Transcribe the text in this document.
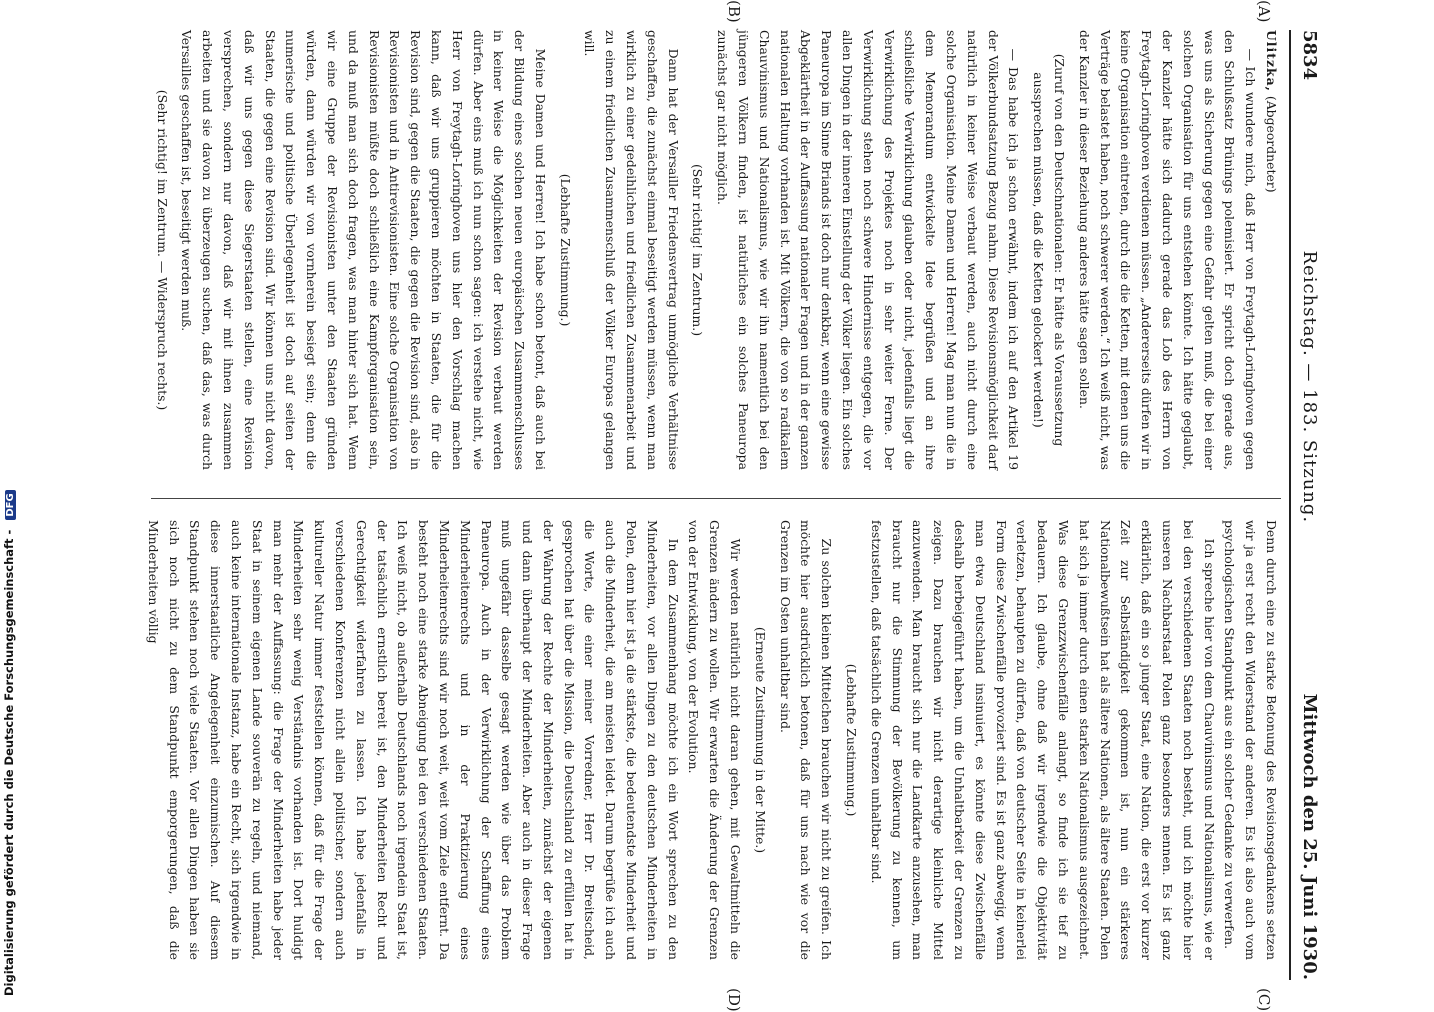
5834
Reichstag. — 183. Sitzung.
Mittwoch den 25. Juni 1930.
(A)
(B)
(C)
(D)

Ulitzka, (Abgeordneter)

— Ich wundere mich, daß Herr von Freytagh-Loringhoven gegen den Schlußsatz Brünings polemisiert. Er spricht doch gerade aus, was uns als Sicherung gegen eine Gefahr gelten muß, die bei einer solchen Organisation für uns entstehen könnte. Ich hätte geglaubt, der Kanzler hätte sich dadurch gerade das Lob des Herrn von Freytagh-Loringhoven verdienen müssen. „Andererseits dürfen wir in keine Organisation eintreten, durch die die Ketten, mit denen uns die Verträge belastet haben, noch schwerer werden.“ Ich weiß nicht, was der Kanzler in dieser Beziehung anderes hätte sagen sollen.

(Zuruf von den Deutschnationalen: Er hätte als Voraussetzung aussprechen müssen, daß die Ketten gelockert werden!)

— Das habe ich ja schon erwähnt, indem ich auf den Artikel 19 der Völkerbundsatzung Bezug nahm. Diese Revisionsmöglichkeit darf natürlich in keiner Weise verbaut werden, auch nicht durch eine solche Organisation. Meine Damen und Herren! Mag man nun die in dem Memorandum entwickelte Idee begrüßen und an ihre schließliche Verwirklichung glauben oder nicht, jedenfalls liegt die Verwirklichung des Projektes noch in sehr weiter Ferne. Der Verwirklichung stehen noch schwere Hindernisse entgegen, die vor allen Dingen in der inneren Einstellung der Völker liegen. Ein solches Paneuropa im Sinne Briands ist doch nur denkbar, wenn eine gewisse Abgeklärtheit in der Auffassung nationaler Fragen und in der ganzen nationalen Haltung vorhanden ist. Mit Völkern, die von so radikalem Chauvinismus und Nationalismus, wie wir ihn namentlich bei den jüngeren Völkern finden, ist natürliches ein solches Paneuropa zunächst gar nicht möglich.

(Sehr richtig! im Zentrum.)

Dann hat der Versailler Friedensvertrag unmögliche Verhältnisse geschaffen, die zunächst einmal beseitigt werden müssen, wenn man wirklich zu einer gedeihlichen und friedlichen Zusammenarbeit und zu einem friedlichen Zusammenschluß der Völker Europas gelangen will.

(Lebhafte Zustimmung.)

Meine Damen und Herren! Ich habe schon betont, daß auch bei der Bildung eines solchen neuen europäischen Zusammenschlusses in keiner Weise die Möglichkeiten der Revision verbaut werden dürfen. Aber eins muß ich nun schon sagen: ich verstehe nicht, wie Herr von Freytagh-Loringhoven uns hier den Vorschlag machen kann, daß wir uns gruppieren möchten in Staaten, die für die Revision sind, gegen die Staaten, die gegen die Revision sind, also in Revisionisten und in Antirevisionisten. Eine solche Organisation von Revisionisten müßte doch schließlich eine Kampforganisation sein, und da muß man sich doch fragen, was man hinter sich hat. Wenn wir eine Gruppe der Revisionisten unter den Staaten gründen würden, dann würden wir von vornherein besiegt sein; denn die numerische und politische Überlegenheit ist doch auf seiten der Staaten, die gegen eine Revision sind. Wir können uns nicht davon, daß wir uns gegen diese Siegerstaaten stellen, eine Revision versprechen, sondern nur davon, daß wir mit ihnen zusammen arbeiten und sie davon zu überzeugen suchen, daß das, was durch Versailles geschaffen ist, beseitigt werden muß.

(Sehr richtig! im Zentrum. — Widerspruch rechts.)

Denn durch eine zu starke Betonung des Revisionsgedankens setzen wir ja erst recht den Widerstand der anderen. Es ist also auch vom psychologischen Standpunkt aus ein solcher Gedanke zu verwerfen.

Ich spreche hier von dem Chauvinismus und Nationalismus, wie er bei den verschiedenen Staaten noch besteht, und ich möchte hier unseren Nachbarstaat Polen ganz besonders nennen. Es ist ganz erklärlich, daß ein so junger Staat, eine Nation, die erst vor kurzer Zeit zur Selbständigkeit gekommen ist, nun ein stärkeres Nationalbewußtsein hat als ältere Nationen, als ältere Staaten. Polen hat sich ja immer durch einen starken Nationalismus ausgezeichnet. Was diese Grenzzwischenfälle anlangt, so finde ich sie tief zu bedauern. Ich glaube, ohne daß wir irgendwie die Objektivität verletzen, behaupten zu dürfen, daß von deutscher Seite in keinerlei Form diese Zwischenfälle provoziert sind. Es ist ganz abwegig, wenn man etwa Deutschland insinuiert, es könnte diese Zwischenfälle deshalb herbeigeführt haben, um die Unhaltbarkeit der Grenzen zu zeigen. Dazu brauchen wir nicht derartige kleinliche Mittel anzuwenden. Man braucht sich nur die Landkarte anzusehen, man braucht nur die Stimmung der Bevölkerung zu kennen, um festzustellen, daß tatsächlich die Grenzen unhaltbar sind.

(Lebhafte Zustimmung.)

Zu solchen kleinen Mittelchen brauchen wir nicht zu greifen. Ich möchte hier ausdrücklich betonen, daß für uns nach wie vor die Grenzen im Osten unhaltbar sind.

(Erneute Zustimmung in der Mitte.)

Wir werden natürlich nicht daran gehen, mit Gewaltmitteln die Grenzen ändern zu wollen. Wir erwarten die Änderung der Grenzen von der Entwicklung, von der Evolution.

In dem Zusammenhang möchte ich ein Wort sprechen zu den Minderheiten, vor allen Dingen zu den deutschen Minderheiten in Polen, denn hier ist ja die stärkste, die bedeutendste Minderheit und auch die Minderheit, die am meisten leidet. Darum begrüße ich auch die Worte, die einer meiner Vorredner, Herr Dr. Breitscheid, gesprochen hat über die Mission, die Deutschland zu erfüllen hat in der Wahrung der Rechte der Minderheiten, zunächst der eigenen und dann überhaupt der Minderheiten. Aber auch in dieser Frage muß ungefähr dasselbe gesagt werden wie über das Problem Paneuropa. Auch in der Verwirklichung der Schaffung eines Minderheitenrechts und in der Praktizierung eines Minderheitenrechts sind wir noch weit, weit vom Ziele entfernt. Da besteht noch eine starke Abneigung bei den verschiedenen Staaten. Ich weiß nicht, ob außerhalb Deutschlands noch irgendein Staat ist, der tatsächlich ernstlich bereit ist, den Minderheiten Recht und Gerechtigkeit widerfahren zu lassen. Ich habe jedenfalls in verschiedenen Konferenzen nicht allein politischer, sondern auch kultureller Natur immer feststellen können, daß für die Frage der Minderheiten sehr wenig Verständnis vorhanden ist. Dort huldigt man mehr der Auffassung: die Frage der Minderheiten habe jeder Staat in seinem eigenen Lande souverän zu regeln, und niemand, auch keine internationale Instanz, habe ein Recht, sich irgendwie in diese innerstaatliche Angelegenheit einzumischen. Auf diesem Standpunkt stehen noch viele Staaten. Vor allen Dingen haben sie sich noch nicht zu dem Standpunkt emporgerungen, daß die Minderheiten völlig

Digitalisierung gefördert durch die Deutsche Forschungsgemeinschaft - DFG
